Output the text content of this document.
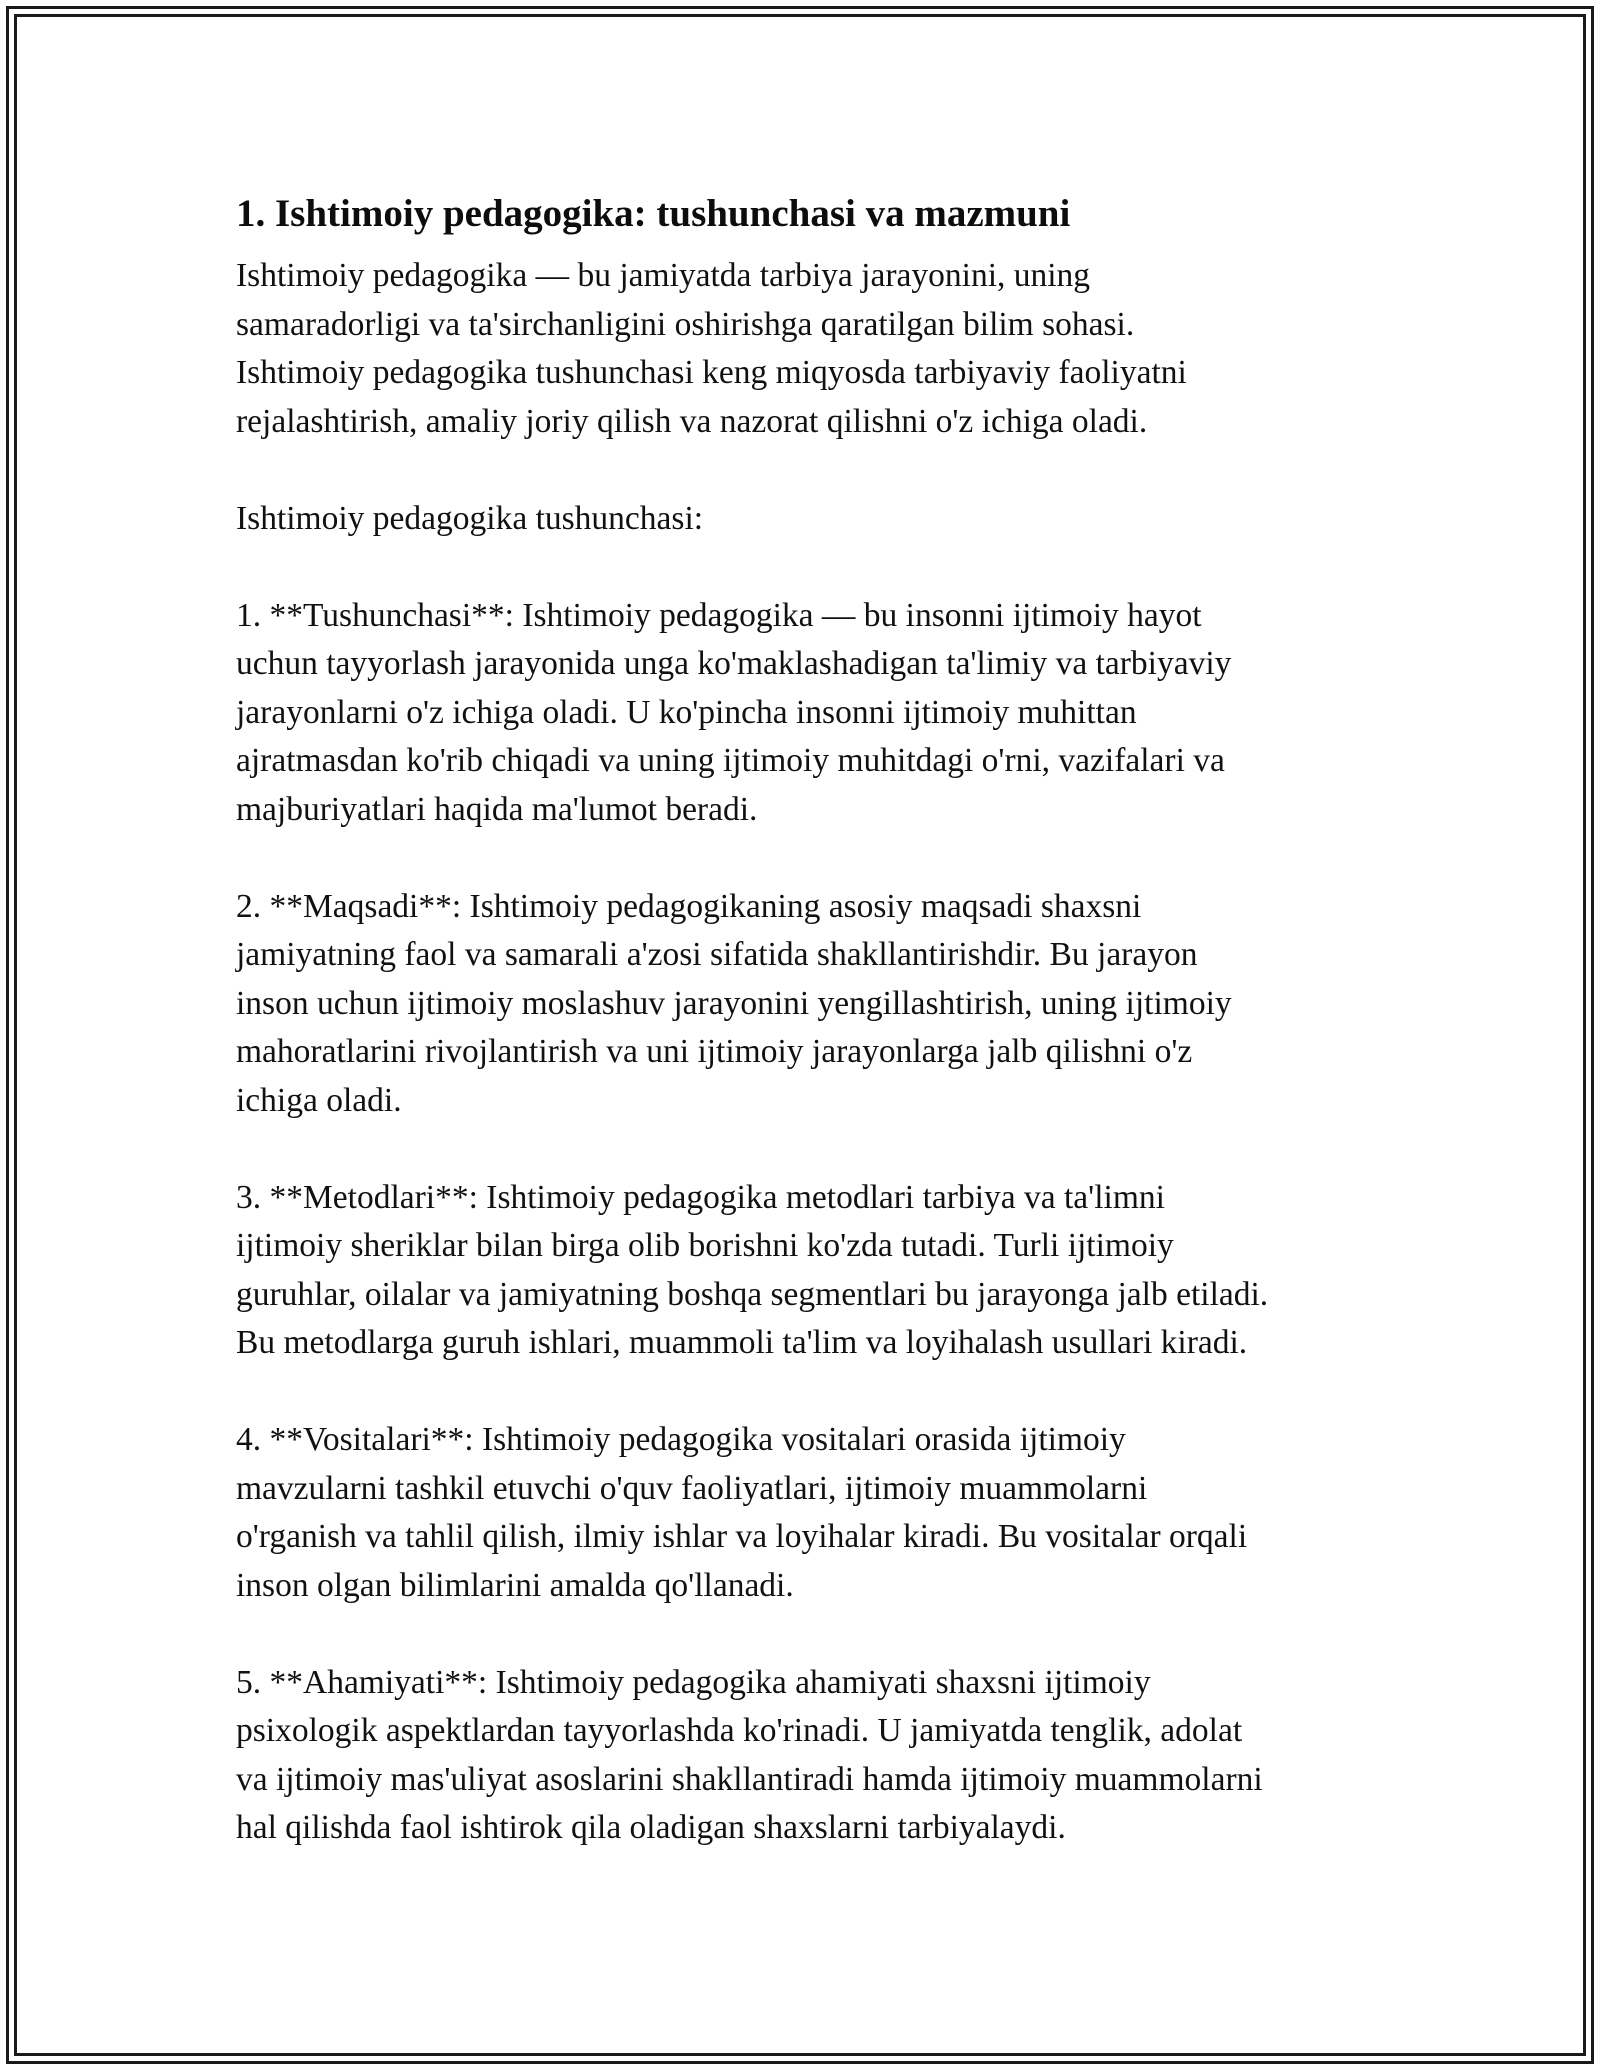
1. Ishtimoiy pedagogika: tushunchasi va mazmuni

Ishtimoiy pedagogika — bu jamiyatda tarbiya jarayonini, uning
samaradorligi va ta'sirchanligini oshirishga qaratilgan bilim sohasi.
Ishtimoiy pedagogika tushunchasi keng miqyosda tarbiyaviy faoliyatni
rejalashtirish, amaliy joriy qilish va nazorat qilishni o'z ichiga oladi.

Ishtimoiy pedagogika tushunchasi:

1. **Tushunchasi**: Ishtimoiy pedagogika — bu insonni ijtimoiy hayot
uchun tayyorlash jarayonida unga ko'maklashadigan ta'limiy va tarbiyaviy
jarayonlarni o'z ichiga oladi. U ko'pincha insonni ijtimoiy muhittan
ajratmasdan ko'rib chiqadi va uning ijtimoiy muhitdagi o'rni, vazifalari va
majburiyatlari haqida ma'lumot beradi.

2. **Maqsadi**: Ishtimoiy pedagogikaning asosiy maqsadi shaxsni
jamiyatning faol va samarali a'zosi sifatida shakllantirishdir. Bu jarayon
inson uchun ijtimoiy moslashuv jarayonini yengillashtirish, uning ijtimoiy
mahoratlarini rivojlantirish va uni ijtimoiy jarayonlarga jalb qilishni o'z
ichiga oladi.

3. **Metodlari**: Ishtimoiy pedagogika metodlari tarbiya va ta'limni
ijtimoiy sheriklar bilan birga olib borishni ko'zda tutadi. Turli ijtimoiy
guruhlar, oilalar va jamiyatning boshqa segmentlari bu jarayonga jalb etiladi.
Bu metodlarga guruh ishlari, muammoli ta'lim va loyihalash usullari kiradi.

4. **Vositalari**: Ishtimoiy pedagogika vositalari orasida ijtimoiy
mavzularni tashkil etuvchi o'quv faoliyatlari, ijtimoiy muammolarni
o'rganish va tahlil qilish, ilmiy ishlar va loyihalar kiradi. Bu vositalar orqali
inson olgan bilimlarini amalda qo'llanadi.

5. **Ahamiyati**: Ishtimoiy pedagogika ahamiyati shaxsni ijtimoiy
psixologik aspektlardan tayyorlashda ko'rinadi. U jamiyatda tenglik, adolat
va ijtimoiy mas'uliyat asoslarini shakllantiradi hamda ijtimoiy muammolarni
hal qilishda faol ishtirok qila oladigan shaxslarni tarbiyalaydi.
